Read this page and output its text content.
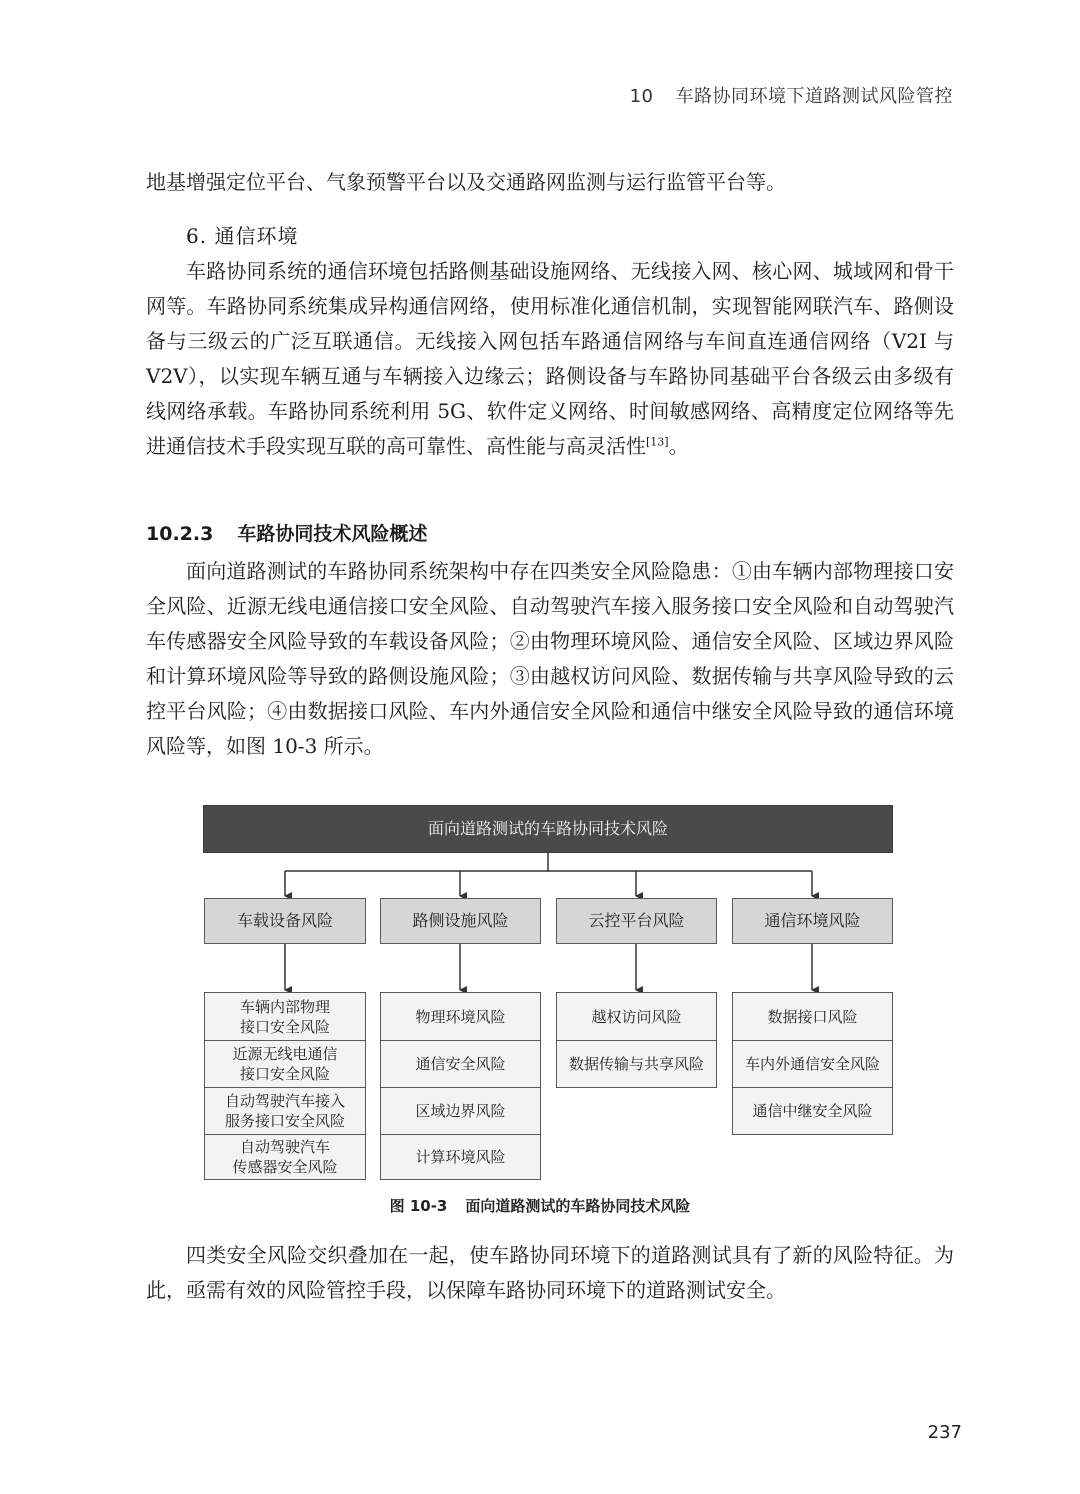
10 车路协同环境下道路测试风险管控

地基增强定位平台、气象预警平台以及交通路网监测与运行监管平台等。

6. 通信环境

车路协同系统的通信环境包括路侧基础设施网络、无线接入网、核心网、城域网和骨干网等。车路协同系统集成异构通信网络，使用标准化通信机制，实现智能网联汽车、路侧设备与三级云的广泛互联通信。无线接入网包括车路通信网络与车间直连通信网络（V2I 与 V2V），以实现车辆互通与车辆接入边缘云；路侧设备与车路协同基础平台各级云由多级有线网络承载。车路协同系统利用 5G、软件定义网络、时间敏感网络、高精度定位网络等先进通信技术手段实现互联的高可靠性、高性能与高灵活性[13]。

10.2.3 车路协同技术风险概述

面向道路测试的车路协同系统架构中存在四类安全风险隐患：①由车辆内部物理接口安全风险、近源无线电通信接口安全风险、自动驾驶汽车接入服务接口安全风险和自动驾驶汽车传感器安全风险导致的车载设备风险；②由物理环境风险、通信安全风险、区域边界风险和计算环境风险等导致的路侧设施风险；③由越权访问风险、数据传输与共享风险导致的云控平台风险；④由数据接口风险、车内外通信安全风险和通信中继安全风险导致的通信环境风险等，如图 10-3 所示。

面向道路测试的车路协同技术风险
车载设备风险	路侧设施风险	云控平台风险	通信环境风险
车辆内部物理
接口安全风险
近源无线电通信
接口安全风险
自动驾驶汽车接入
服务接口安全风险
自动驾驶汽车
传感器安全风险
物理环境风险
通信安全风险
区域边界风险
计算环境风险
越权访问风险
数据传输与共享风险
数据接口风险
车内外通信安全风险
通信中继安全风险
图 10-3 面向道路测试的车路协同技术风险

四类安全风险交织叠加在一起，使车路协同环境下的道路测试具有了新的风险特征。为此，亟需有效的风险管控手段，以保障车路协同环境下的道路测试安全。

237
